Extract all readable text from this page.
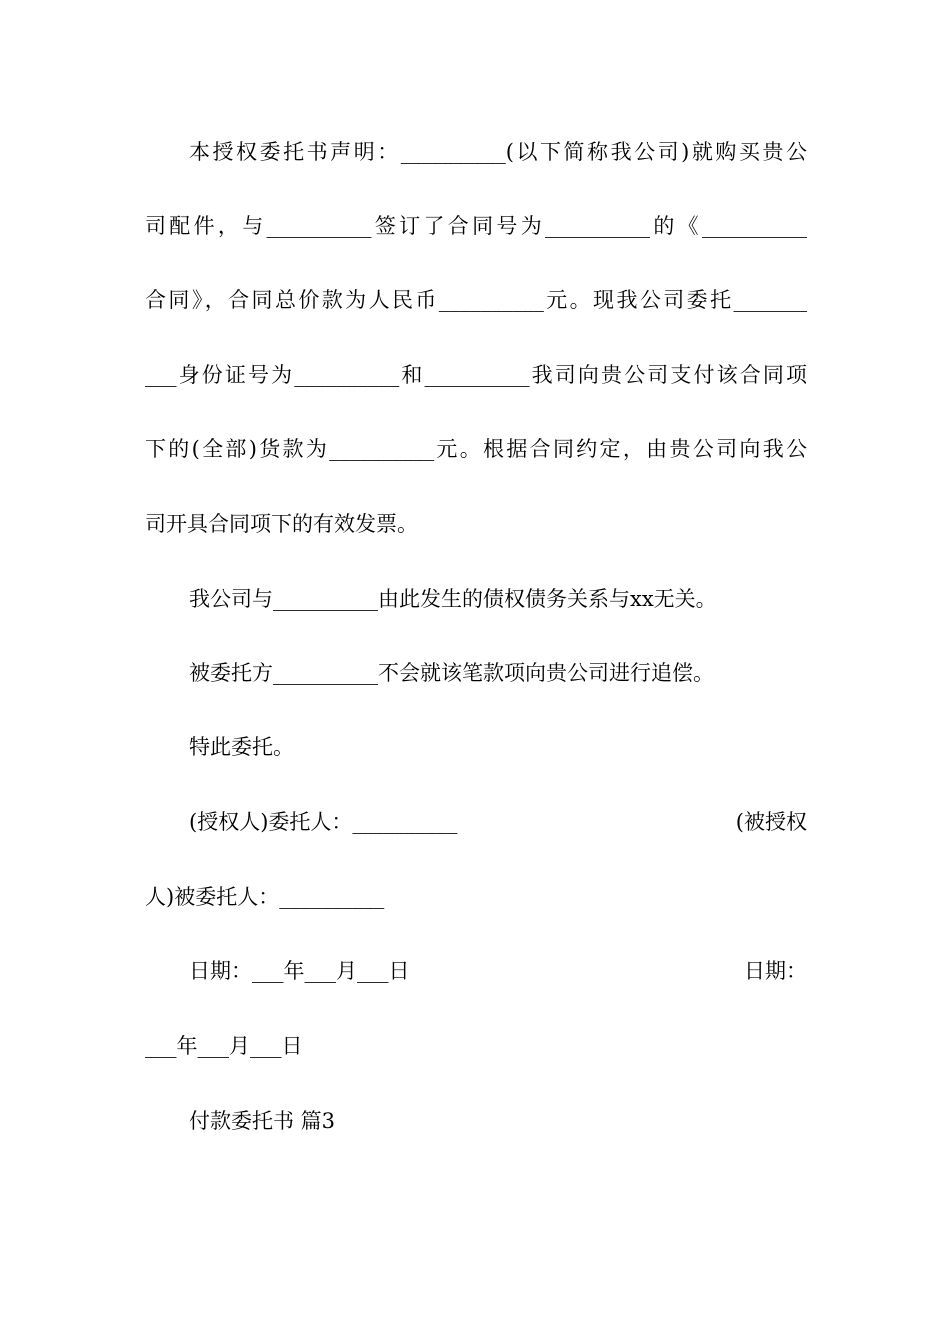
本授权委托书声明：__________(以下简称我公司)就购买贵公
司配件，与__________签订了合同号为__________的《__________
合同》，合同总价款为人民币__________元。现我公司委托_______
___身份证号为__________和__________我司向贵公司支付该合同项
下的(全部)货款为__________元。根据合同约定，由贵公司向我公
司开具合同项下的有效发票。
我公司与__________由此发生的债权债务关系与xx无关。
被委托方__________不会就该笔款项向贵公司进行追偿。
特此委托。
(授权人)委托人：__________	(被授权
人)被委托人：__________
日期：___年___月___日	日期：
___年___月___日
付款委托书 篇3
